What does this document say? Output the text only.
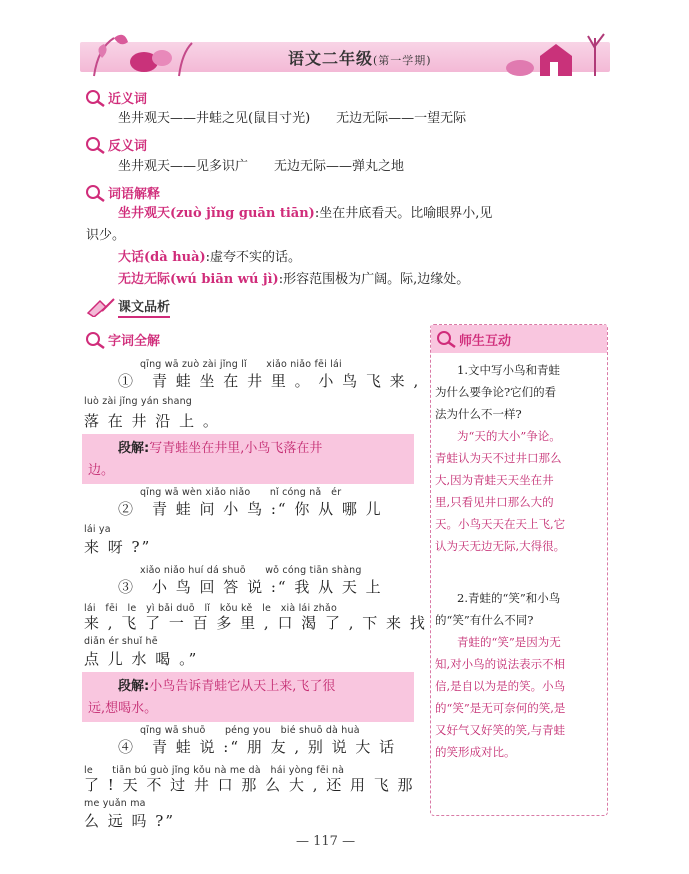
语文二年级(第一学期)
近义词
坐井观天——井蛙之见(鼠目寸光)　　无边无际——一望无际
反义词
坐井观天——见多识广　　无边无际——弹丸之地
词语解释
坐井观天(zuò jǐng guān tiān):坐在井底看天。比喻眼界小,见
识少。
大话(dà huà):虚夸不实的话。
无边无际(wú biān wú jì):形容范围极为广阔。际,边缘处。
课文品析
字词全解
qīng wā zuò zài jǐng lǐ　　xiǎo niǎo fēi lái
①　青 蛙 坐 在 井 里 。 小 鸟 飞 来 ,
luò zài jǐng yán shang
落 在 井 沿 上 。
段解:写青蛙坐在井里,小鸟飞落在井
边。
qīng wā wèn xiǎo niǎo　　nǐ cóng nǎ　ér
②　青 蛙 问 小 鸟 :“ 你 从 哪 儿
lái ya
来 呀 ?”
xiǎo niǎo huí dá shuō　　wǒ cóng tiān shàng
③　小 鸟 回 答 说 :“ 我 从 天 上
lái　fēi　le　yì bǎi duō　lǐ　kǒu kě　le　xià lái zhǎo
来 , 飞 了 一 百 多 里 , 口 渴 了 , 下 来 找
diǎn ér shuǐ hē
点 儿 水 喝 。”
段解:小鸟告诉青蛙它从天上来,飞了很
远,想喝水。
qīng wā shuō　　péng you　bié shuō dà huà
④　青 蛙 说 :“ 朋 友 , 别 说 大 话
le　　tiān bú guò jǐng kǒu nà me dà　hái yòng fēi nà
了 ! 天 不 过 井 口 那 么 大 , 还 用 飞 那
me yuǎn ma
么 远 吗 ?”
师生互动
1.文中写小鸟和青蛙
为什么要争论?它们的看
法为什么不一样?
为“天的大小”争论。
青蛙认为天不过井口那么
大,因为青蛙天天坐在井
里,只看见井口那么大的
天。小鸟天天在天上飞,它
认为天无边无际,大得很。
2.青蛙的“笑”和小鸟
的“笑”有什么不同?
青蛙的“笑”是因为无
知,对小鸟的说法表示不相
信,是自以为是的笑。小鸟
的“笑”是无可奈何的笑,是
又好气又好笑的笑,与青蛙
的笑形成对比。
— 117 —
